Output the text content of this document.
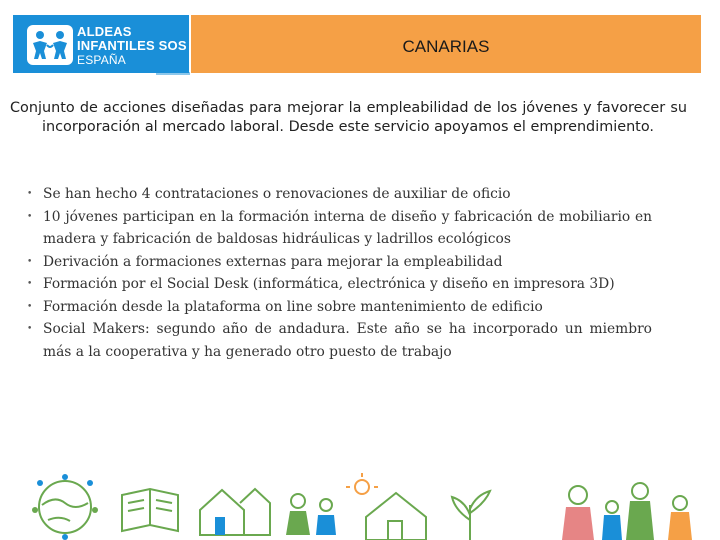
ALDEAS
INFANTILES SOS
ESPAÑA
CANARIAS
Conjunto de acciones diseñadas para mejorar la empleabilidad de los jóvenes y favorecer su incorporación al mercado laboral. Desde este servicio apoyamos el emprendimiento.
• Se han hecho 4 contrataciones o renovaciones de auxiliar de oficio
• 10 jóvenes participan en la formación interna de diseño y fabricación de mobiliario en madera y fabricación de baldosas hidráulicas y ladrillos ecológicos
• Derivación a formaciones externas para mejorar la empleabilidad
• Formación por el Social Desk (informática, electrónica y diseño en impresora 3D)
• Formación desde la plataforma on line sobre mantenimiento de edificio
• Social Makers: segundo año de andadura. Este año se ha incorporado un miembro más a la cooperativa y ha generado otro puesto de trabajo
